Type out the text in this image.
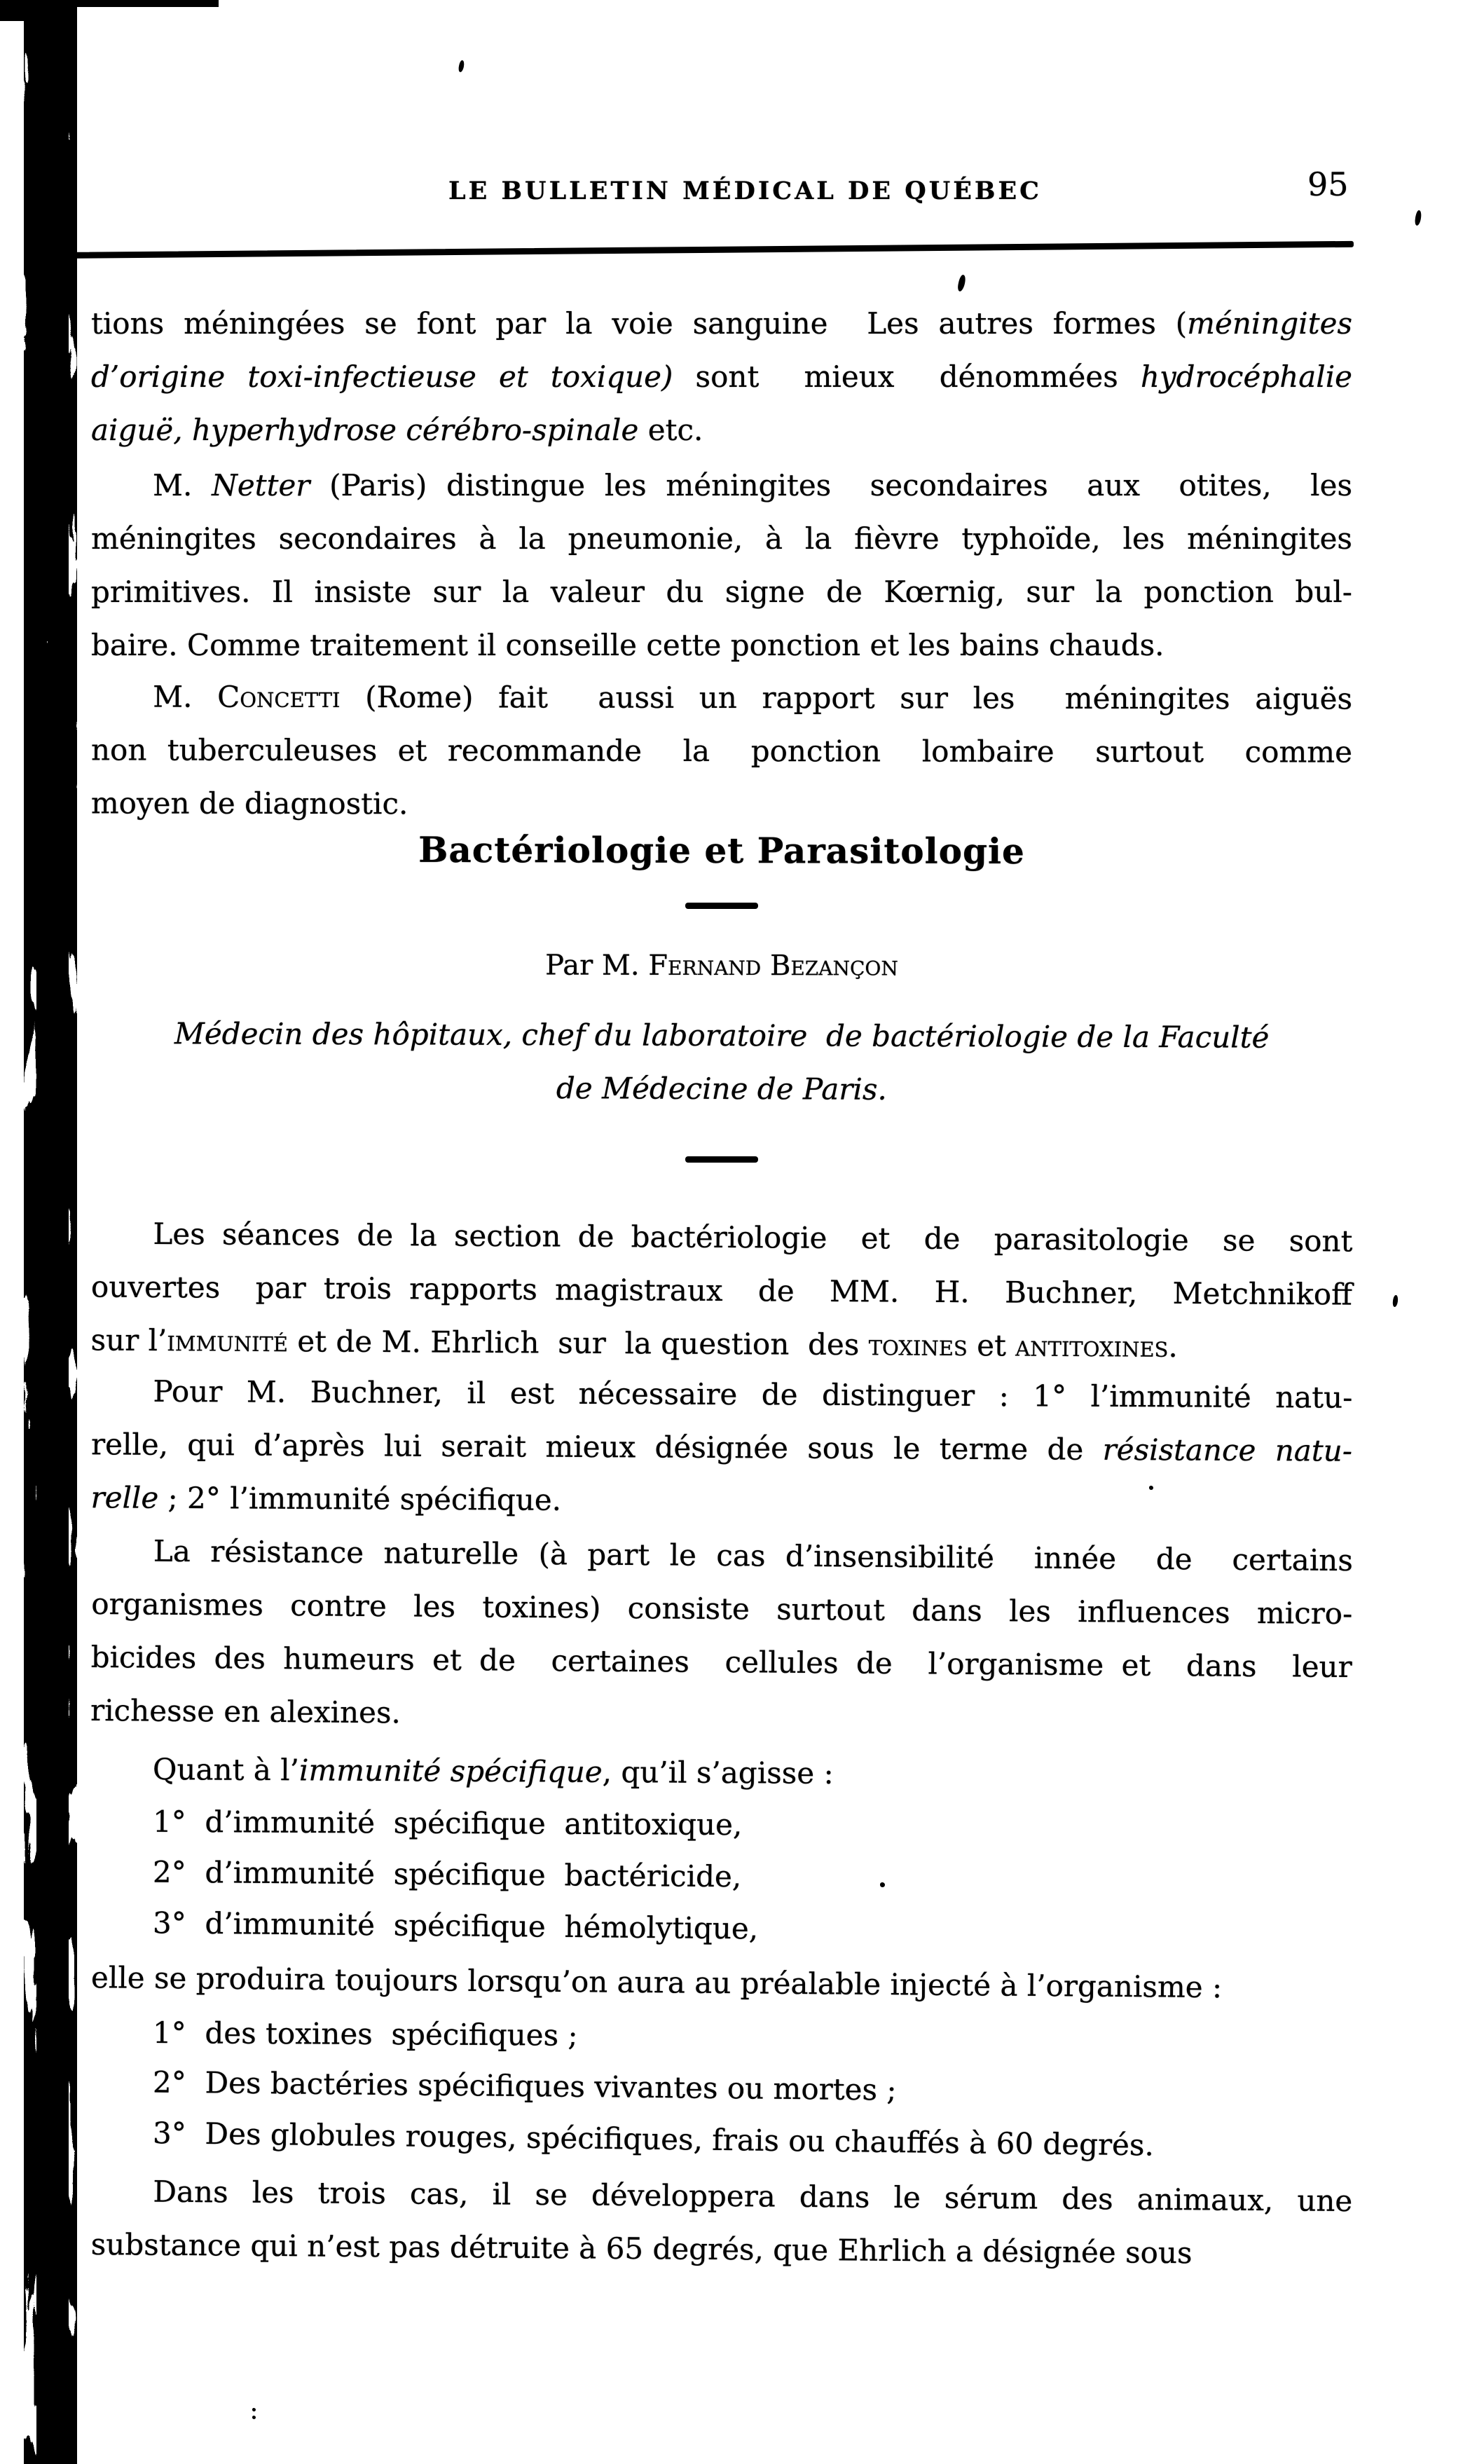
LE BULLETIN MÉDICAL DE QUÉBEC	95
tions méningées se font par la voie sanguine  Les autres formes (méningites
d’origine toxi-infectieuse et toxique) sont  mieux  dénommées hydrocéphalie
aiguë, hyperhydrose cérébro-spinale etc.
M. Netter (Paris) distingue les méningites  secondaires  aux  otites,  les
méningites secondaires à la pneumonie, à la fièvre typhoïde, les méningites
primitives. Il insiste sur la valeur du signe de Kœrnig, sur la ponction bul-
baire. Comme traitement il conseille cette ponction et les bains chauds.
M. Concetti (Rome) fait  aussi un rapport sur les  méningites aiguës
non tuberculeuses et recommande  la  ponction  lombaire  surtout  comme
moyen de diagnostic.
Bactériologie et Parasitologie
Par M. Fernand Bezançon
Médecin des hôpitaux, chef du laboratoire  de bactériologie de la Faculté
de Médecine de Paris.
Les séances de la section de bactériologie  et  de  parasitologie  se  sont
ouvertes  par trois rapports magistraux  de  MM.  H.  Buchner,  Metchnikoff
sur l’immunité et de M. Ehrlich  sur  la question  des toxines et antitoxines.
Pour M. Buchner, il est nécessaire de distinguer : 1° l’immunité natu-
relle, qui d’après lui serait mieux désignée sous le terme de résistance natu-
relle ; 2° l’immunité spécifique.
La résistance naturelle (à part le cas d’insensibilité  innée  de  certains
organismes  contre  les  toxines)  consiste  surtout  dans  les  influences  micro-
bicides des humeurs et de  certaines  cellules de  l’organisme et  dans  leur
richesse en alexines.
Quant à l’immunité spécifique, qu’il s’agisse :
1°  d’immunité  spécifique  antitoxique,
2°  d’immunité  spécifique  bactéricide,
3°  d’immunité  spécifique  hémolytique,
elle se produira toujours lorsqu’on aura au préalable injecté à l’organisme :
1°  des toxines  spécifiques ;
2°  Des bactéries spécifiques vivantes ou mortes ;
3°  Des globules rouges, spécifiques, frais ou chauffés à 60 degrés.
Dans les trois cas, il se développera dans le sérum des animaux, une
substance qui n’est pas détruite à 65 degrés, que Ehrlich a désignée sous
